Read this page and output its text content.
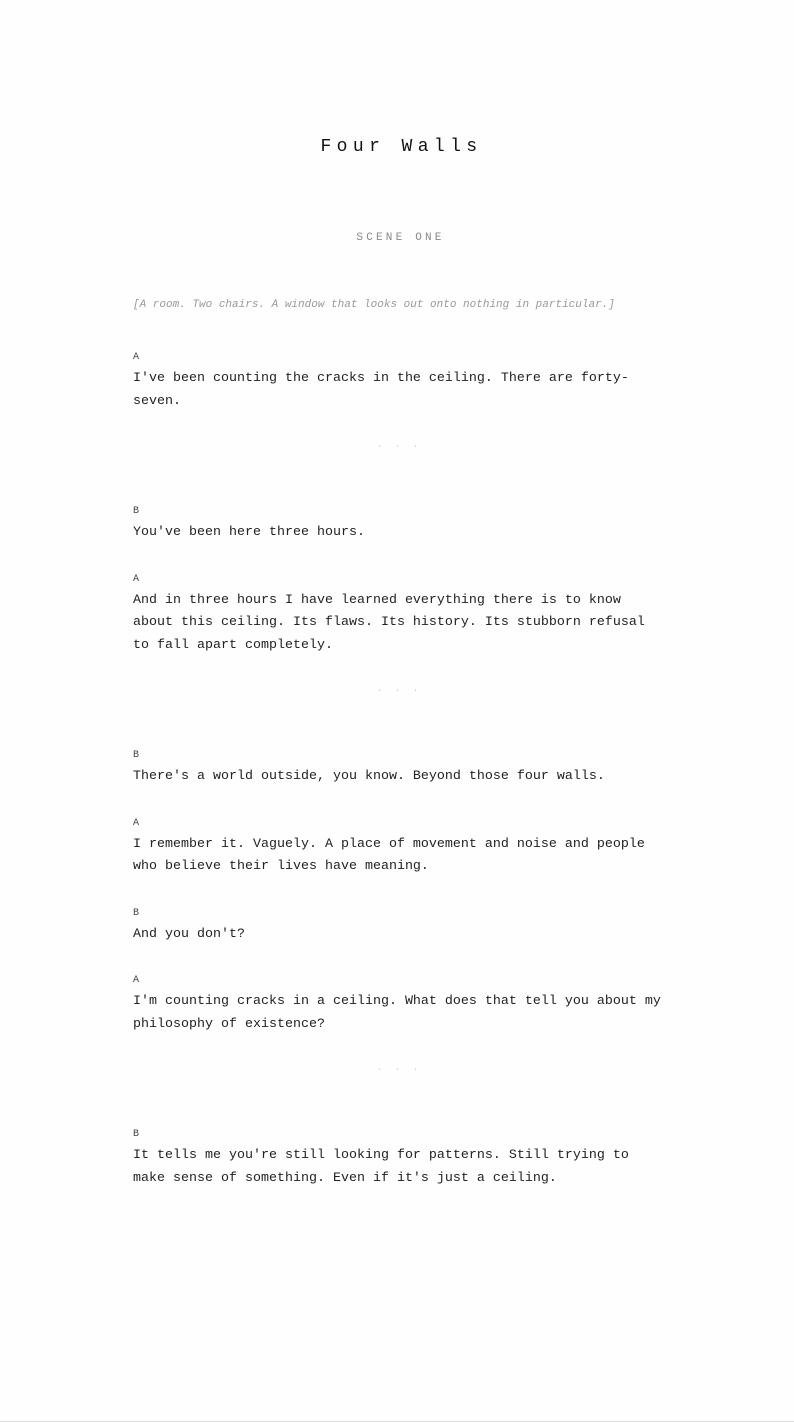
Four Walls
SCENE ONE
[A room. Two chairs. A window that looks out onto nothing in particular.]
A
I've been counting the cracks in the ceiling. There are forty-seven.
· · ·
B
You've been here three hours.
A
And in three hours I have learned everything there is to know about this ceiling. Its flaws. Its history. Its stubborn refusal to fall apart completely.
· · ·
B
There's a world outside, you know. Beyond those four walls.
A
I remember it. Vaguely. A place of movement and noise and people who believe their lives have meaning.
B
And you don't?
A
I'm counting cracks in a ceiling. What does that tell you about my philosophy of existence?
· · ·
B
It tells me you're still looking for patterns. Still trying to make sense of something. Even if it's just a ceiling.
